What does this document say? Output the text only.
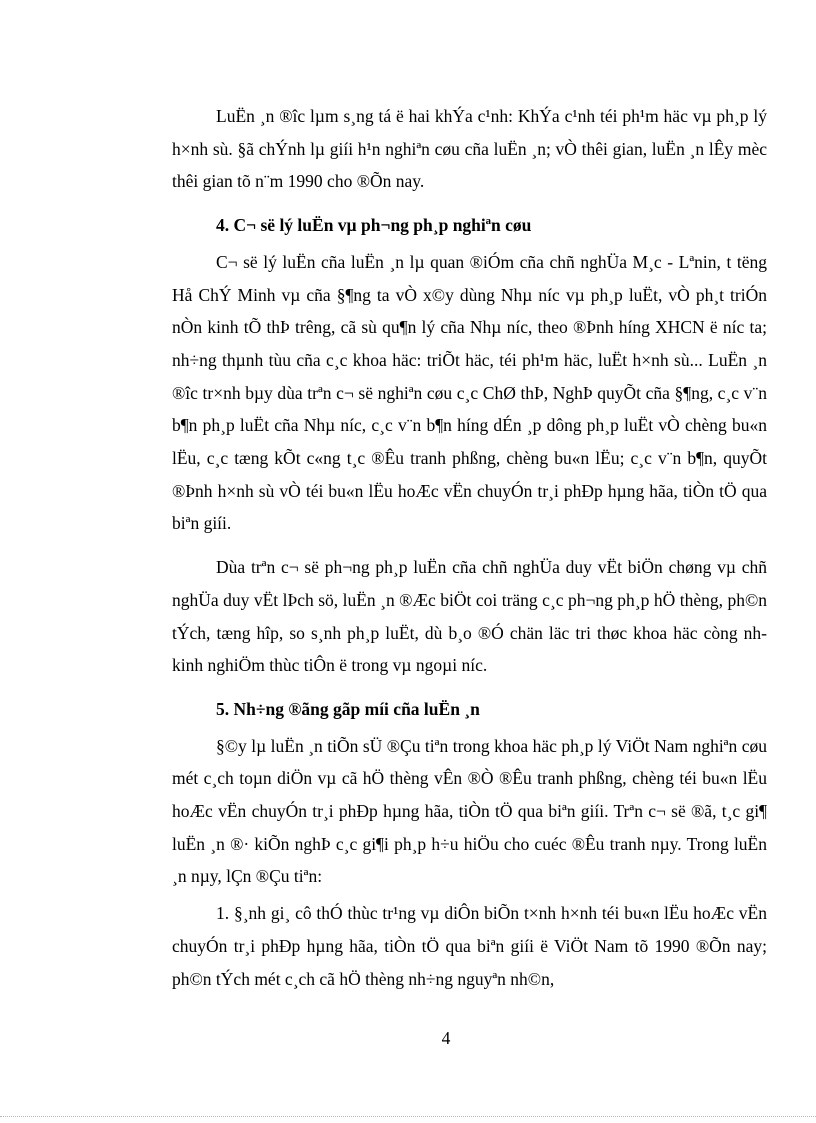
LuËn ¸n ®îc lµm s¸ng tá ë hai khÝa c¹nh: KhÝa c¹nh téi ph¹m häc vµ ph¸p lý h×nh sù. §ã chÝnh lµ giíi h¹n nghiªn cøu cña luËn ¸n; vÒ thêi gian, luËn ¸n lÊy mèc thêi gian tõ n¨m 1990 cho ®Õn nay.

4. C¬ së lý luËn vµ ph¬ng ph¸p nghiªn cøu

C¬ së lý luËn cña luËn ¸n lµ quan ®iÓm cña chñ nghÜa M¸c - Lªnin, t tëng Hå ChÝ Minh vµ cña §¶ng ta vÒ x©y dùng Nhµ níc vµ ph¸p luËt, vÒ ph¸t triÓn nÒn kinh tÕ thÞ trêng, cã sù qu¶n lý cña Nhµ níc, theo ®Þnh híng XHCN ë níc ta; nh÷ng thµnh tùu cña c¸c khoa häc: triÕt häc, téi ph¹m häc, luËt h×nh sù... LuËn ¸n ®îc tr×nh bµy dùa trªn c¬ së nghiªn cøu c¸c ChØ thÞ, NghÞ quyÕt cña §¶ng, c¸c v¨n b¶n ph¸p luËt cña Nhµ níc, c¸c v¨n b¶n híng dÉn ¸p dông ph¸p luËt vÒ chèng bu«n lËu, c¸c tæng kÕt c«ng t¸c ®Êu tranh phßng, chèng bu«n lËu; c¸c v¨n b¶n, quyÕt ®Þnh h×nh sù vÒ téi bu«n lËu hoÆc vËn chuyÓn tr¸i phÐp hµng hãa, tiÒn tÖ qua biªn giíi.

Dùa trªn c¬ së ph¬ng ph¸p luËn cña chñ nghÜa duy vËt biÖn chøng vµ chñ nghÜa duy vËt lÞch sö, luËn ¸n ®Æc biÖt coi träng c¸c ph¬ng ph¸p hÖ thèng, ph©n tÝch, tæng hîp, so s¸nh ph¸p luËt, dù b¸o ®Ó chän läc tri thøc khoa häc còng nh kinh nghiÖm thùc tiÔn ë trong vµ ngoµi níc.

5. Nh÷ng ®ãng gãp míi cña luËn ¸n

§©y lµ luËn ¸n tiÕn sÜ ®Çu tiªn trong khoa häc ph¸p lý ViÖt Nam nghiªn cøu mét c¸ch toµn diÖn vµ cã hÖ thèng vÊn ®Ò ®Êu tranh phßng, chèng téi bu«n lËu hoÆc vËn chuyÓn tr¸i phÐp hµng hãa, tiÒn tÖ qua biªn giíi. Trªn c¬ së ®ã, t¸c gi¶ luËn ¸n ®· kiÕn nghÞ c¸c gi¶i ph¸p h÷u hiÖu cho cuéc ®Êu tranh nµy. Trong luËn ¸n nµy, lÇn ®Çu tiªn:

1. §¸nh gi¸ cô thÓ thùc tr¹ng vµ diÔn biÕn t×nh h×nh téi bu«n lËu hoÆc vËn chuyÓn tr¸i phÐp hµng hãa, tiÒn tÖ qua biªn giíi ë ViÖt Nam tõ 1990 ®Õn nay; ph©n tÝch mét c¸ch cã hÖ thèng nh÷ng nguyªn nh©n,

4
